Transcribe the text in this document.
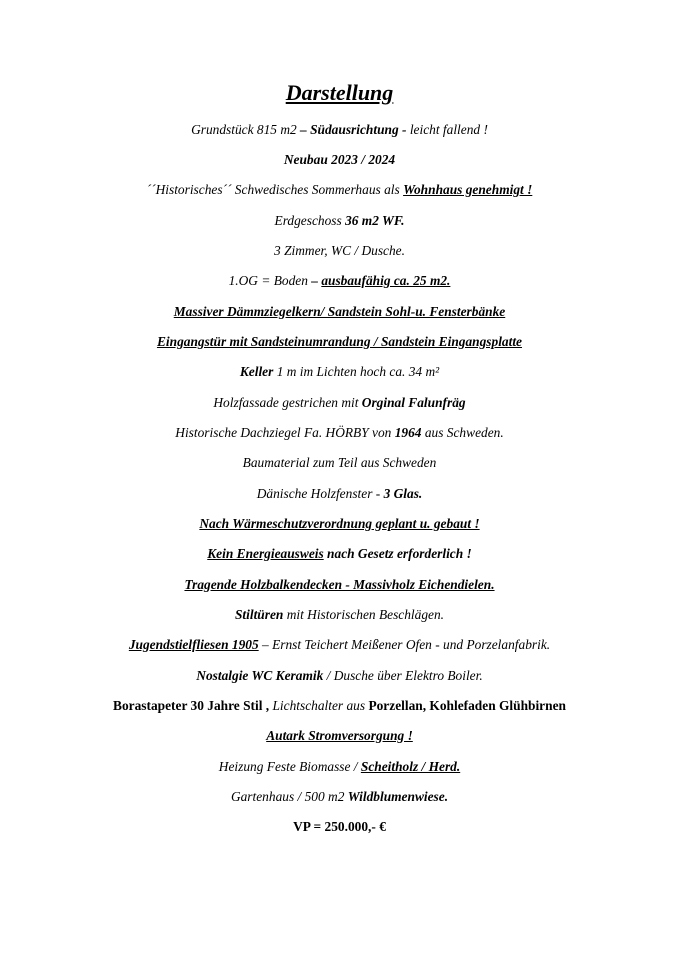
Darstellung
Grundstück 815 m2 – Südausrichtung - leicht fallend !
Neubau 2023 / 2024
´´Historisches´´ Schwedisches Sommerhaus als Wohnhaus genehmigt !
Erdgeschoss 36 m2 WF.
3 Zimmer, WC / Dusche.
1.OG = Boden – ausbaufähig ca. 25 m2.
Massiver Dämmziegelkern/ Sandstein Sohl-u. Fensterbänke
Eingangstür mit Sandsteinumrandung / Sandstein Eingangsplatte
Keller 1 m im Lichten hoch ca. 34 m²
Holzfassade gestrichen mit Orginal Falunfräg
Historische Dachziegel Fa. HÖRBY von 1964 aus Schweden.
Baumaterial zum Teil aus Schweden
Dänische Holzfenster - 3 Glas.
Nach Wärmeschutzverordnung geplant u. gebaut !
Kein Energieausweis nach Gesetz erforderlich !
Tragende Holzbalkendecken - Massivholz Eichendielen.
Stiltüren mit Historischen Beschlägen.
Jugendstielfliesen 1905 – Ernst Teichert Meißener Ofen - und Porzelanfabrik.
Nostalgie WC Keramik / Dusche über Elektro Boiler.
Borastapeter 30 Jahre Stil , Lichtschalter aus Porzellan, Kohlefaden Glühbirnen
Autark Stromversorgung !
Heizung Feste Biomasse / Scheitholz / Herd.
Gartenhaus / 500 m2 Wildblumenwiese.
VP = 250.000,- €
